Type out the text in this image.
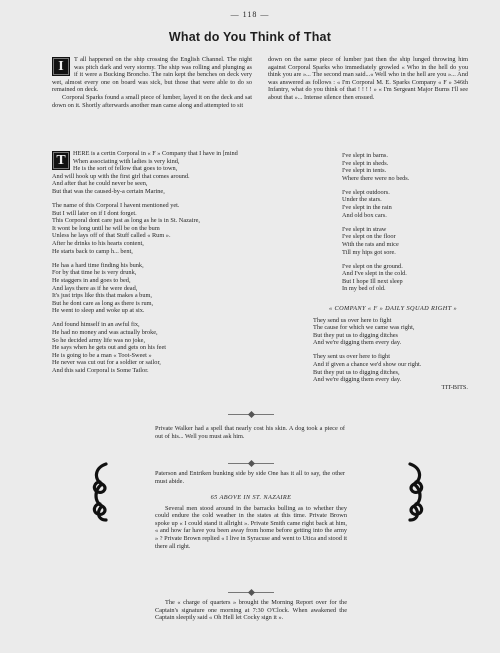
— 118 —
What do You Think of That
I	T all happened on the ship crossing the English Channel. The night was pitch dark and very stormy. The ship was rolling and plunging as if it were a Bucking Broncho. The rain kept the benches on deck very wet, almost every one on board was sick, but those that were able to do so remained on deck.

Corporal Sparks found a small piece of lumber, layed it on the deck and sat down on it. Shortly afterwards another man came along and attempted to sit

down on the same piece of lumber just then the ship lunged throwing him against Corporal Sparks who immediately growled « Who in the hell do you think you are »... The second man said...« Well who in the hell are you »... And was answered as follows : « I'm Corporal M. E. Sparks Company « F » 346th Infantry, what do you think of that ! ! ! ! » « I'm Sergeant Major Burns I'll see about that »... Intense silence then ensued.

T	HERE is a certin Corporal in « F » Company that I have in [mind
When associating with ladies is very kind,
He is the sort of fellow that goes to town,
And will hook up with the first girl that comes around.
And after that he could never be seen,
But that was the caused-by-a certain Marine,
The name of this Corporal I havent mentioned yet.
But I will later on if I dont forget.
This Corporal dont care just as long as he is in St. Nazaire,
It wont be long until he will be on the bum
Unless he lays off of that Stuff called « Rum ».
After he drinks to his hearts content,
He starts back to camp h... bent,
He has a hard time finding his bunk,
For by that time he is very drunk,
He staggers in and goes to bed,
And lays there as if he were dead,
It's just trips like this that makes a bum,
But he dont care as long as there is rum,
He went to sleep and woke up at six.
And found himself in an awful fix,
He had no money and was actually broke,
So he decided army life was no joke,
He says when he gets out and gets on his feet
He is going to be a man « Toot-Sweet »
He never was cut out for a soldier or sailor,
And this said Corporal is Some Tailor.
I've slept in barns.
I've slept in sheds.
I've slept in tents.
Where there were no beds.
I've slept outdoors.
Under the stars.
I've slept in the rain
And old box cars.
I've slept in straw
I've slept on the floor
With the rats and mice
Till my hips got sore.
I've slept on the ground.
And I've slept in the cold.
But I hope Ill next sleep
In my bed of old.
« COMPANY « F » DAILY SQUAD RIGHT »
They send us over here to fight
The cause for which we came was right,
But they put us to digging ditches
And we're digging them every day.
They sent us over here to fight
And if given a chance we'd show our right.
But they put us to digging ditches,
And we're digging them every day.
TIT-BITS.

Private Walker had a spell that nearly cost his skin. A dog took a piece of out of his... Well you must ask him.

Paterson and Entriken bunking side by side One has it all to say, the other must abide.

65 ABOVE IN ST. NAZAIRE

Several men stood around in the barracks bulling as to whether they could endure the cold weather in the states at this time. Private Brown spoke up « I could stand it allright ». Private Smith came right back at him, « and how far have you been away from home before getting into the army » ? Private Brown replied « I live in Syracuse and went to Utica and stood it there all right.

The « charge of quarters » brought the Morning Report over for the Captain's signature one morning at 7:30 O'Clock. When awakened the Captain sleepily said « Oh Hell let Cocky sign it ».
